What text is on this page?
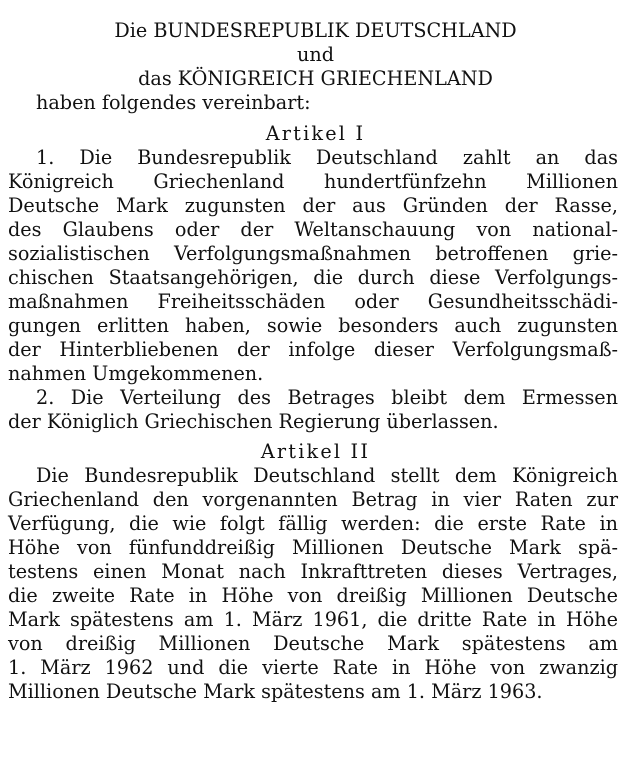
Die BUNDESREPUBLIK DEUTSCHLAND
und
das KÖNIGREICH GRIECHENLAND
haben folgendes vereinbart:
Artikel I
1. Die Bundesrepublik Deutschland zahlt an das
Königreich Griechenland hundertfünfzehn Millionen
Deutsche Mark zugunsten der aus Gründen der Rasse,
des Glaubens oder der Weltanschauung von national-
sozialistischen Verfolgungsmaßnahmen betroffenen grie-
chischen Staatsangehörigen, die durch diese Verfolgungs-
maßnahmen Freiheitsschäden oder Gesundheitsschädi-
gungen erlitten haben, sowie besonders auch zugunsten
der Hinterbliebenen der infolge dieser Verfolgungsmaß-
nahmen Umgekommenen.
2. Die Verteilung des Betrages bleibt dem Ermessen
der Königlich Griechischen Regierung überlassen.
Artikel II
Die Bundesrepublik Deutschland stellt dem Königreich
Griechenland den vorgenannten Betrag in vier Raten zur
Verfügung, die wie folgt fällig werden: die erste Rate in
Höhe von fünfunddreißig Millionen Deutsche Mark spä-
testens einen Monat nach Inkrafttreten dieses Vertrages,
die zweite Rate in Höhe von dreißig Millionen Deutsche
Mark spätestens am 1. März 1961, die dritte Rate in Höhe
von dreißig Millionen Deutsche Mark spätestens am
1. März 1962 und die vierte Rate in Höhe von zwanzig
Millionen Deutsche Mark spätestens am 1. März 1963.
